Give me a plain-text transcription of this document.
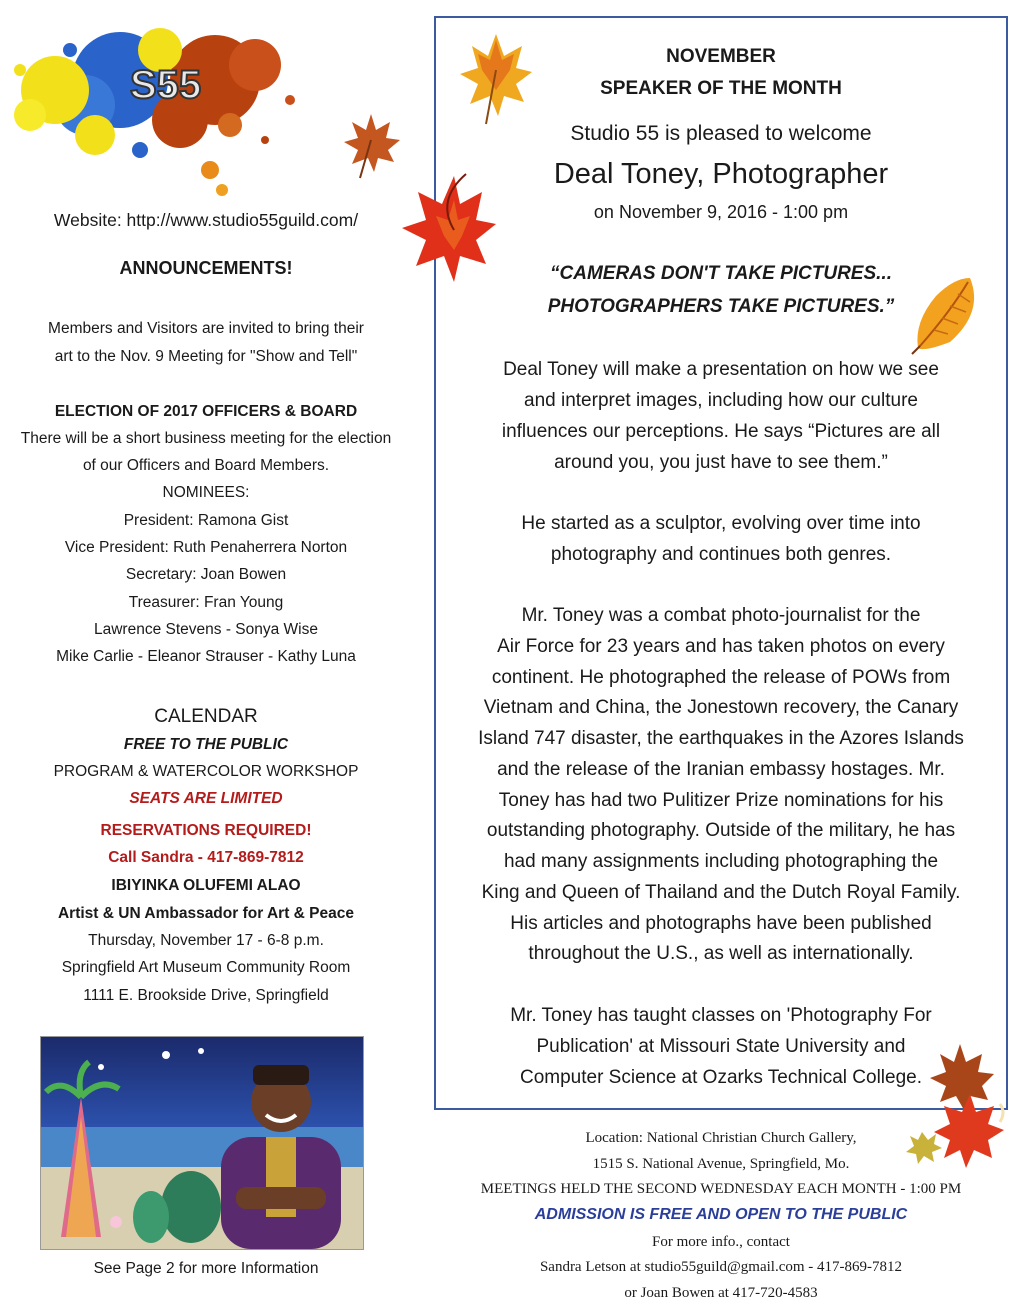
S55
Website: http://www.studio55guild.com/
ANNOUNCEMENTS!
Members and Visitors are invited to bring their
art to the Nov. 9 Meeting for "Show and Tell"
ELECTION OF 2017 OFFICERS & BOARD
There will be a short business meeting for the election
of our Officers and Board Members.
NOMINEES:
President: Ramona Gist
Vice President: Ruth Penaherrera Norton
Secretary: Joan Bowen
Treasurer: Fran Young
Lawrence Stevens - Sonya Wise
Mike Carlie - Eleanor Strauser - Kathy Luna
CALENDAR
FREE TO THE PUBLIC
PROGRAM & WATERCOLOR WORKSHOP
SEATS ARE LIMITED
RESERVATIONS REQUIRED!
Call Sandra - 417-869-7812
IBIYINKA OLUFEMI ALAO
Artist & UN Ambassador for Art & Peace
Thursday, November 17 - 6-8 p.m.
Springfield Art Museum Community Room
1111 E. Brookside Drive, Springfield
See Page 2 for more Information
NOVEMBER
SPEAKER OF THE MONTH
Studio 55 is pleased to welcome
Deal Toney, Photographer
on November 9, 2016 - 1:00 pm
“CAMERAS DON'T TAKE PICTURES...
PHOTOGRAPHERS TAKE PICTURES.”
Deal Toney will make a presentation on how we see
and interpret images, including how our culture
influences our perceptions. He says “Pictures are all
around you, you just have to see them.”
He started as a sculptor, evolving over time into
photography and continues both genres.
Mr. Toney was a combat photo-journalist for the
Air Force for 23 years and has taken photos on every
continent. He photographed the release of POWs from
Vietnam and China, the Jonestown recovery, the Canary
Island 747 disaster, the earthquakes in the Azores Islands
and the release of the Iranian embassy hostages. Mr.
Toney has had two Pulitizer Prize nominations for his
outstanding photography. Outside of the military, he has
had many assignments including photographing the
King and Queen of Thailand and the Dutch Royal Family.
His articles and photographs have been published
throughout the U.S., as well as internationally.
Mr. Toney has taught classes on 'Photography For
Publication' at Missouri State University and
Computer Science at Ozarks Technical College.
Location: National Christian Church Gallery,
1515 S. National Avenue, Springfield, Mo.
MEETINGS HELD THE SECOND WEDNESDAY EACH MONTH - 1:00 PM
ADMISSION IS FREE AND OPEN TO THE PUBLIC
For more info., contact
Sandra Letson at studio55guild@gmail.com - 417-869-7812
or Joan Bowen at 417-720-4583
